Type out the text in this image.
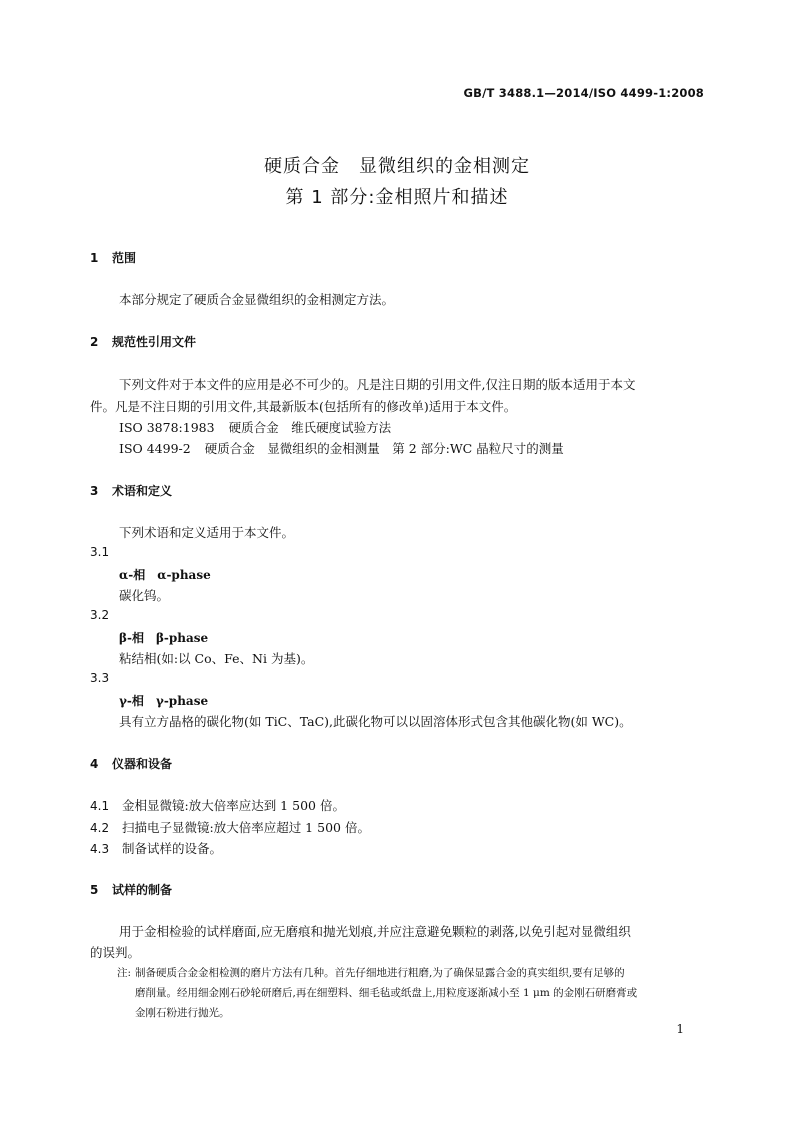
GB/T 3488.1—2014/ISO 4499-1:2008
硬质合金　显微组织的金相测定
第 1 部分:金相照片和描述
1 范围
本部分规定了硬质合金显微组织的金相测定方法。
2 规范性引用文件
下列文件对于本文件的应用是必不可少的。凡是注日期的引用文件,仅注日期的版本适用于本文
件。凡是不注日期的引用文件,其最新版本(包括所有的修改单)适用于本文件。
ISO 3878:1983 硬质合金　维氏硬度试验方法
ISO 4499-2 硬质合金　显微组织的金相测量　第 2 部分:WC 晶粒尺寸的测量
3 术语和定义
下列术语和定义适用于本文件。
3.1
α-相　α-phase
碳化钨。
3.2
β-相　β-phase
粘结相(如:以 Co、Fe、Ni 为基)。
3.3
γ-相　γ-phase
具有立方晶格的碳化物(如 TiC、TaC),此碳化物可以以固溶体形式包含其他碳化物(如 WC)。
4 仪器和设备
4.1 金相显微镜:放大倍率应达到 1 500 倍。
4.2 扫描电子显微镜:放大倍率应超过 1 500 倍。
4.3 制备试样的设备。
5 试样的制备
用于金相检验的试样磨面,应无磨痕和抛光划痕,并应注意避免颗粒的剥落,以免引起对显微组织
的误判。
注: 制备硬质合金金相检测的磨片方法有几种。首先仔细地进行粗磨,为了确保显露合金的真实组织,要有足够的
磨削量。经用细金刚石砂轮研磨后,再在细塑料、细毛毡或纸盘上,用粒度逐渐减小至 1 μm 的金刚石研磨膏或
金刚石粉进行抛光。
1
